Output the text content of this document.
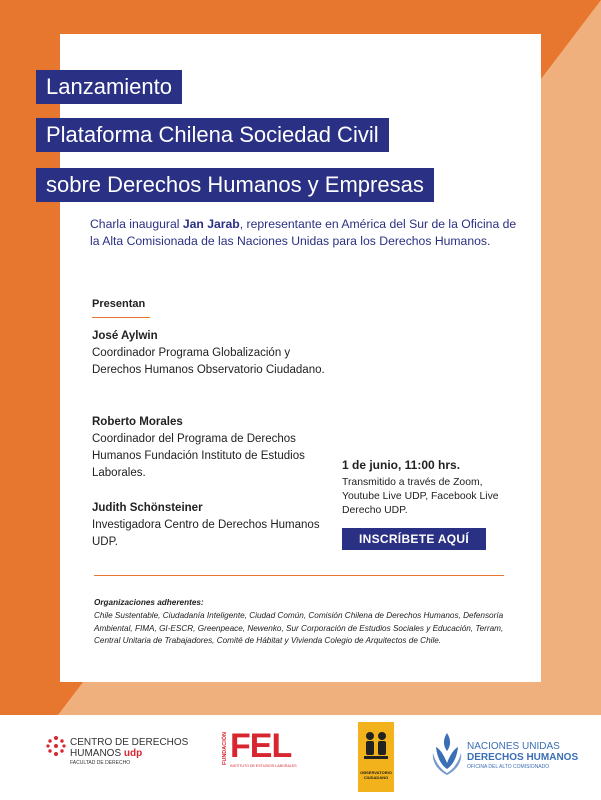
Lanzamiento
Plataforma Chilena Sociedad Civil
sobre Derechos Humanos y Empresas
Charla inaugural Jan Jarab, representante en América del Sur de la Oficina de la Alta Comisionada de las Naciones Unidas para los Derechos Humanos.
Presentan
José Aylwin
Coordinador Programa Globalización y Derechos Humanos Observatorio Ciudadano.
Roberto Morales
Coordinador del Programa de Derechos Humanos Fundación Instituto de Estudios Laborales.
Judith Schönsteiner
Investigadora Centro de Derechos Humanos UDP.
1 de junio, 11:00 hrs.
Transmitido a través de Zoom, Youtube Live UDP, Facebook Live Derecho UDP.
INSCRÍBETE AQUÍ
Organizaciones adherentes:
Chile Sustentable, Ciudadanía Inteligente, Ciudad Común, Comisión Chilena de Derechos Humanos, Defensoría Ambiental, FIMA, GI-ESCR, Greenpeace, Newenko, Sur Corporación de Estudios Sociales y Educación, Terram, Central Unitaria de Trabajadores, Comité de Hábitat y Vivienda Colegio de Arquitectos de Chile.
CENTRO DE DERECHOS
HUMANOS udp
FACULTAD DE DERECHO	FUNDACIÓN FEL
INSTITUTO DE ESTUDIOS LABORALES
OBSERVATORIO CIUDADANO
NACIONES UNIDAS
DERECHOS HUMANOS
OFICINA DEL ALTO COMISIONADO
